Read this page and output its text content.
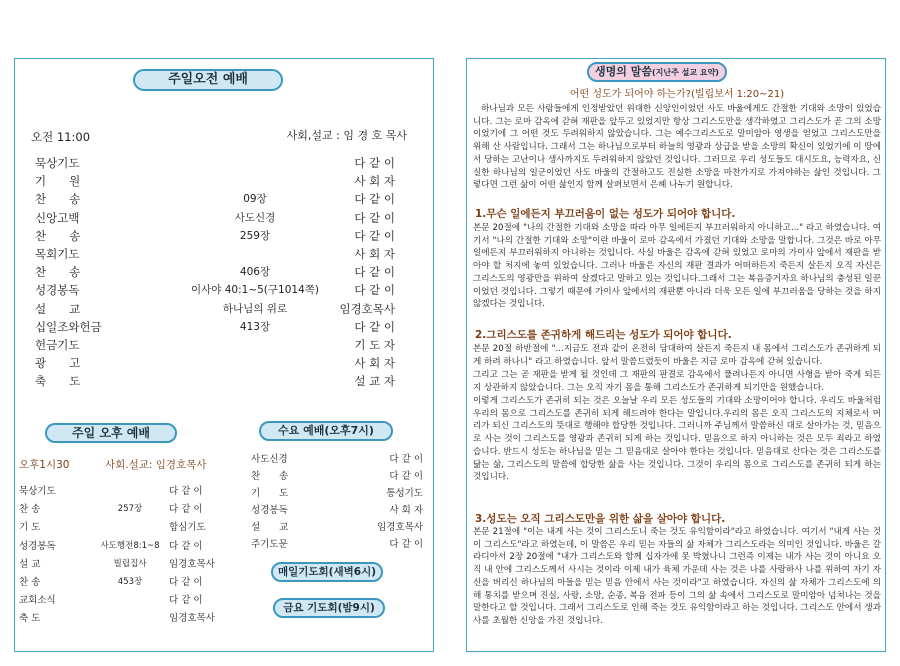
주일오전 예배
오전 11:00	사회,설교 : 임 경 호 목사
묵상기도	다 같 이
기　　원	사 회 자
찬　　송	09장	다 같 이
신앙고백	사도신경	다 같 이
찬　　송	259장	다 같 이
목회기도	사 회 자
찬　　송	406장	다 같 이
성경봉독	이사야 40:1~5(구1014쪽)	다 같 이
설　　교	하나님의 위로	임경호목사
십일조와헌금	413장	다 같 이
헌금기도	기 도 자
광　　고	사 회 자
축　　도	설 교 자
주일 오후 예배
오후1시30	사회.설교: 임경호목사
묵상기도	다 같 이
찬 송	257장	다 같 이
기 도	합심기도
성경봉독	사도행전8:1~8 다 같 이
설 교	빌립집사	임경호목사
찬 송	453장	다 같 이
교회소식	다 같 이
축 도	임경호목사
수요 예배(오후7시)
사도신경	다 같 이
찬　　송	다 같 이
기　　도	통성기도
성경봉독	사 회 자
설　　교	임경호목사
주기도문	다 같 이
매일기도회(새벽6시)
금요 기도회(밤9시)
생명의 말씀(지난주 설교 요약)
어떤 성도가 되어야 하는가?(빌립보서 1:20~21)
하나님과 모든 사람들에게 인정받았던 위대한 신앙인이었던 사도 바울에게도 간절한 기대와 소망이 있었습니다. 그는 로마 감옥에 갇혀 재판을 앞두고 있었지만 항상 그리스도만을 생각하였고 그리스도가 곧 그의 소망이었기에 그 어떤 것도 두려워하지 않았습니다. 그는 예수그리스도로 말미암아 영생을 얻었고 그리스도만을 위해 산 사람입니다. 그래서 그는 하나님으로부터 하늘의 영광과 상급을 받을 소망의 확신이 있었기에 이 땅에서 당하는 고난이나 생사까지도 두려워하지 않았던 것입니다. 그러므로 우리 성도들도 대시도요, 능력자요, 신실한 하나님의 일군이었던 사도 바울의 간절하고도 진실한 소망을 마찬가지로 가져야하는 삶인 것입니다. 그렇다면 그런 삶이 어떤 삶인지 함께 살펴보면서 은혜 나누기 원합니다.
1.무슨 일에든지 부끄러움이 없는 성도가 되어야 합니다.
본문 20절에 "나의 간절한 기대와 소망을 따라 아무 일에든지 부끄러워하지 아니하고..." 라고 하였습니다. 여기서 "나의 간절한 기대와 소망"이란 바울이 로마 감옥에서 가졌던 기대와 소망을 말합니다. 그것은 바로 아무 일에든지 부끄러워하지 아니하는 것입니다. 사실 바울은 감옥에 갇혀 있었고 로마의 가이사 앞에서 재판을 받아야 할 처지에 놓여 있었습니다. 그러나 바울은 자신의 재판 결과가 어떠하든지 죽든지 살든지 오직 자신은 그리스도의 영광만을 위하여 살겠다고 말하고 있는 것입니다.그래서 그는 복음증거자요 하나님의 충성된 일꾼이었던 것입니다. 그렇기 때문에 가이사 앞에서의 재판뿐 아니라 더욱 모든 일에 부끄러움을 당하는 것을 하지 않겠다는 것입니다.
2.그리스도를 존귀하게 해드리는 성도가 되어야 합니다.
본문 20절 하반절에 "...지금도 전과 같이 온전히 담대하여 살든지 죽든지 내 몸에서 그리스도가 존귀하게 되게 하려 하나니" 라고 하였습니다. 앞서 말씀드렸듯이 바울은 지금 로마 감옥에 갇혀 있습니다.
그리고 그는 곧 재판을 받게 될 것인데 그 재판의 판결로 감옥에서 풀려나든지 아니면 사형을 받아 죽게 되든지 상관하지 않았습니다. 그는 오직 자기 몸을 통해 그리스도가 존귀하게 되기만을 원했습니다.
이렇게 그리스도가 존귀히 되는 것은 오늘날 우리 모든 성도들의 기대와 소망이어야 합니다. 우리도 바울처럼 우리의 몸으로 그리스도를 존귀히 되게 해드려야 한다는 말입니다.우리의 몸은 오직 그리스도의 지체로서 머리가 되신 그리스도의 뜻대로 행해야 합당한 것입니다. 그러니까 주님께서 말씀하신 대로 살아가는 것, 믿음으로 사는 것이 그리스도를 영광과 존귀히 되게 하는 것입니다. 믿음으로 하지 아니하는 것은 모두 죄라고 하였습니다. 반드시 성도는 하나님을 믿는 그 믿음대로 살아야 한다는 것입니다. 믿음대로 산다는 것은 그리스도를 닮는 삶, 그리스도의 말씀에 합당한 삶을 사는 것입니다. 그것이 우리의 몸으로 그리스도를 존귀히 되게 하는 것입니다.
3.성도는 오직 그리스도만을 위한 삶을 살아야 합니다.
본문 21절에 "이는 내게 사는 것이 그리스도니 죽는 것도 유익함이라"라고 하였습니다. 여기서 "내게 사는 것이 그리스도"라고 하였는데, 이 말씀은 우리 믿는 자들의 삶 자체가 그리스도라는 의미인 것입니다. 바울은 갈라디아서 2장 20절에 "내가 그리스도와 함께 십자가에 못 박혔나니 그런즉 이제는 내가 사는 것이 아니요 오직 내 안에 그리스도께서 사시는 것이라 이제 내가 육체 가운데 사는 것은 나를 사랑하사 나를 위하여 자기 자신을 버리신 하나님의 아들을 믿는 믿음 안에서 사는 것이라"고 하였습니다. 자신의 삶 자체가 그리스도에 의해 통치를 받으며 진실, 사랑, 소망, 순종, 복음 전파 등이 그의 삶 속에서 그리스도로 말미암아 넘쳐나는 것을 말한다고 할 것입니다. 그래서 그리스도로 인해 죽는 것도 유익함이라고 하는 것입니다. 그리스도 안에서 생과 사를 초월한 신앙을 가진 것입니다.
